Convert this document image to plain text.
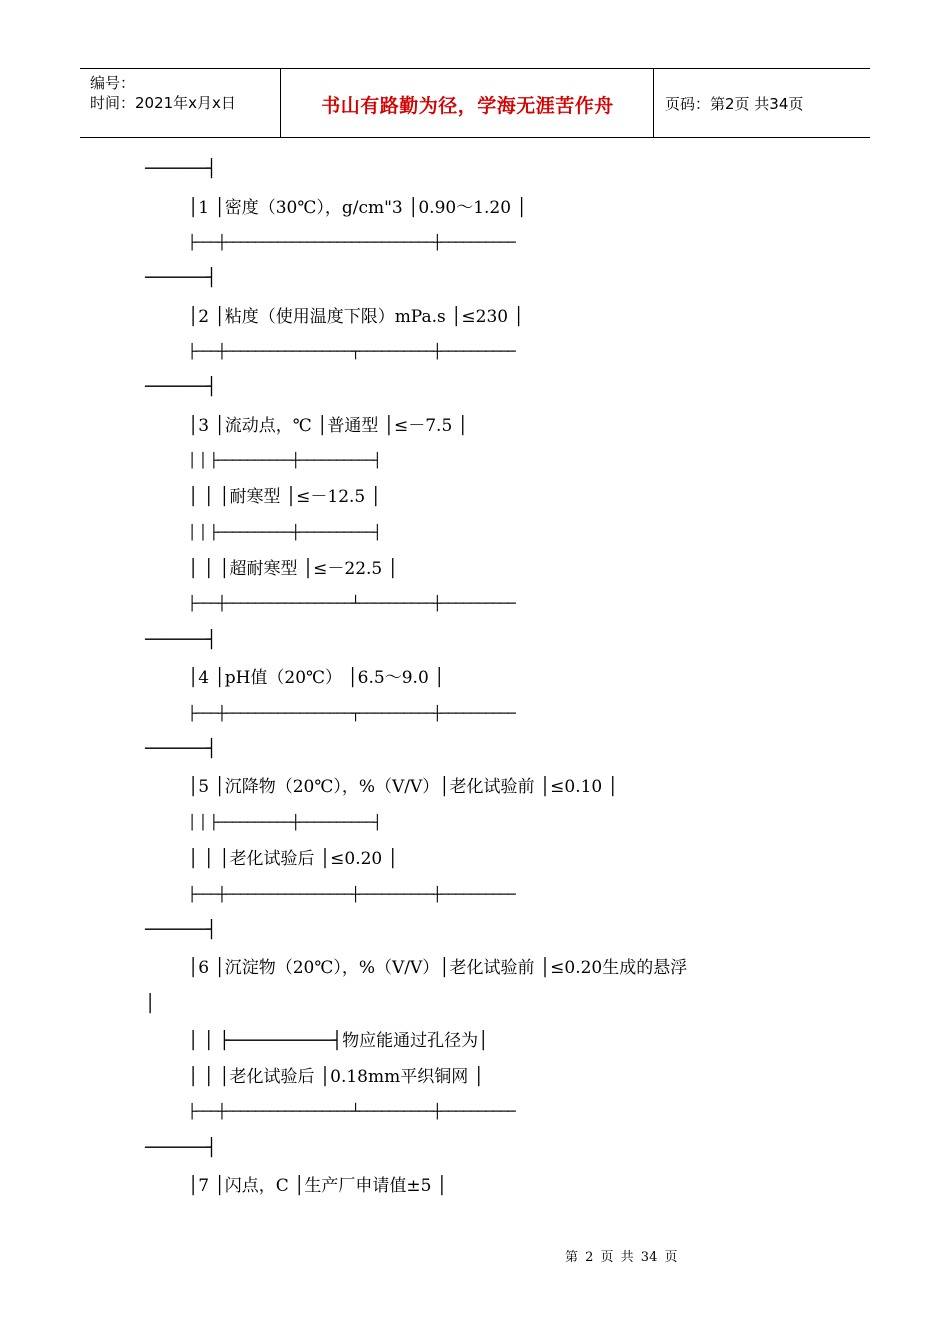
编号：
时间：2021年x月x日	书山有路勤为径，学海无涯苦作舟	页码：第2页 共34页
──────┤
│1 │密度（30℃），g/cm"3 │0.90～1.20 │
├───┼────────────────────────────┼──────────
──────┤
│2 │粘度（使用温度下限）mPa.s │≤230 │
├───┼─────────────────┬──────────┼──────────
──────┤
│3 │流动点，℃ │普通型 │≤－7.5 │
│ │ ├──────────┼──────────┤
│ │ │耐寒型 │≤－12.5 │
│ │ ├──────────┼──────────┤
│ │ │超耐寒型 │≤－22.5 │
├───┼─────────────────┴──────────┼──────────
──────┤
│4 │pH值（20℃） │6.5～9.0 │
├───┼─────────────────┬──────────┼──────────
──────┤
│5 │沉降物（20℃），%（V/V）│老化试验前 │≤0.10 │
│ │ ├──────────┼──────────┤
│ │ │老化试验后 │≤0.20 │
├───┼─────────────────┼──────────┼──────────
──────┤
│6 │沉淀物（20℃），%（V/V）│老化试验前 │≤0.20生成的悬浮
│
│ │ ├──────────┤物应能通过孔径为│
│ │ │老化试验后 │0.18mm平织铜网 │
├───┼─────────────────┴──────────┼──────────
──────┤
│7 │闪点，C │生产厂申请值±5 │
第 2 页 共 34 页
